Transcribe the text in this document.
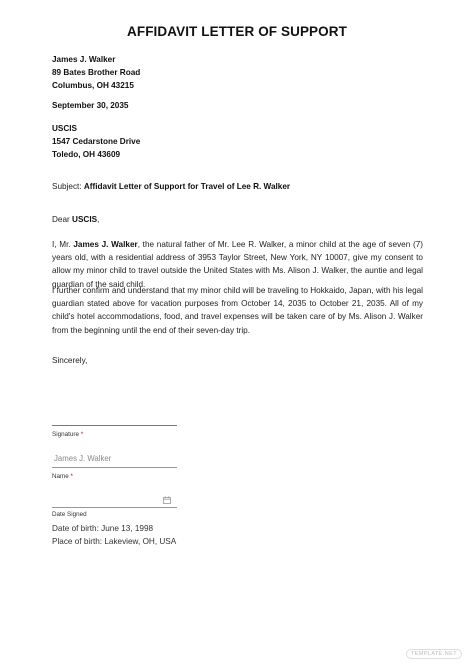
AFFIDAVIT LETTER OF SUPPORT
James J. Walker
89 Bates Brother Road
Columbus, OH 43215
September 30, 2035
USCIS
1547 Cedarstone Drive
Toledo, OH 43609
Subject: Affidavit Letter of Support for Travel of Lee R. Walker
Dear USCIS,
I, Mr. James J. Walker, the natural father of Mr. Lee R. Walker, a minor child at the age of seven (7) years old, with a residential address of 3953 Taylor Street, New York, NY 10007, give my consent to allow my minor child to travel outside the United States with Ms. Alison J. Walker, the auntie and legal guardian of the said child.
I further confirm and understand that my minor child will be traveling to Hokkaido, Japan, with his legal guardian stated above for vacation purposes from October 14, 2035 to October 21, 2035. All of my child's hotel accommodations, food, and travel expenses will be taken care of by Ms. Alison J. Walker from the beginning until the end of their seven-day trip.
Sincerely,
Signature *
James J. Walker
Name *
Date Signed
Date of birth: June 13, 1998
Place of birth: Lakeview, OH, USA
TEMPLATE.NET
